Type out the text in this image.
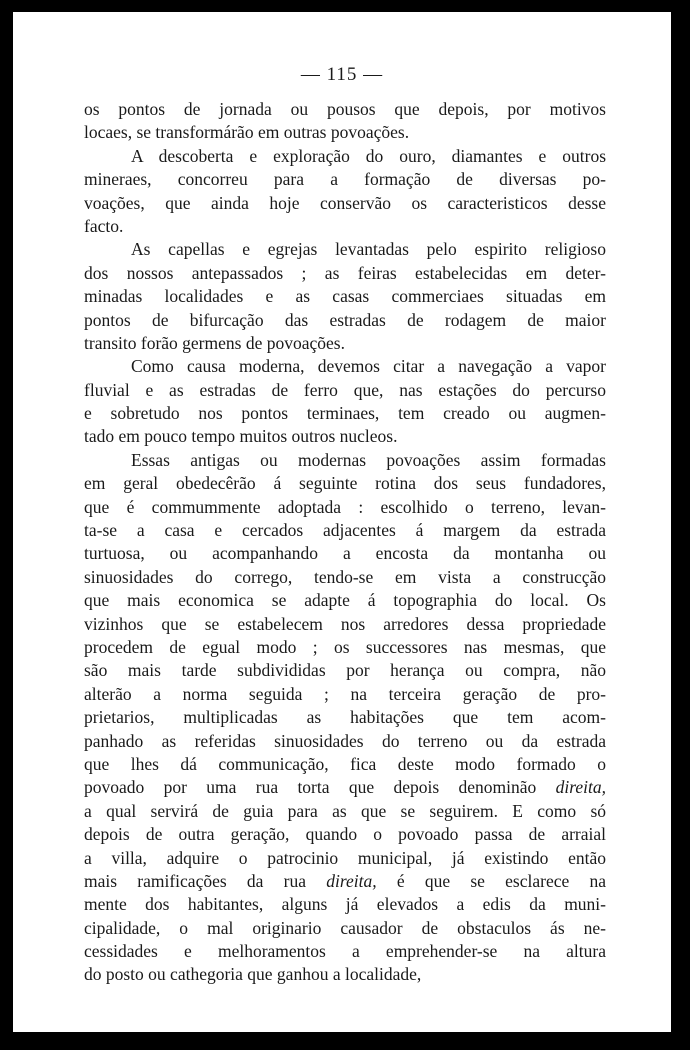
— 115 —
os pontos de jornada ou pousos que depois, por motivos
locaes, se transformárão em outras povoações.
A descoberta e exploração do ouro, diamantes e outros
mineraes, concorreu para a formação de diversas po-
voações, que ainda hoje conservão os caracteristicos desse
facto.
As capellas e egrejas levantadas pelo espirito religioso
dos nossos antepassados ; as feiras estabelecidas em deter-
minadas localidades e as casas commerciaes situadas em
pontos de bifurcação das estradas de rodagem de maior
transito forão germens de povoações.
Como causa moderna, devemos citar a navegação a vapor
fluvial e as estradas de ferro que, nas estações do percurso
e sobretudo nos pontos terminaes, tem creado ou augmen-
tado em pouco tempo muitos outros nucleos.
Essas antigas ou modernas povoações assim formadas
em geral obedecêrão á seguinte rotina dos seus fundadores,
que é commummente adoptada : escolhido o terreno, levan-
ta-se a casa e cercados adjacentes á margem da estrada
turtuosa, ou acompanhando a encosta da montanha ou
sinuosidades do corrego, tendo-se em vista a construcção
que mais economica se adapte á topographia do local. Os
vizinhos que se estabelecem nos arredores dessa propriedade
procedem de egual modo ; os successores nas mesmas, que
são mais tarde subdivididas por herança ou compra, não
alterão a norma seguida ; na terceira geração de pro-
prietarios, multiplicadas as habitações que tem acom-
panhado as referidas sinuosidades do terreno ou da estrada
que lhes dá communicação, fica deste modo formado o
povoado por uma rua torta que depois denominão direita,
a qual servirá de guia para as que se seguirem. E como só
depois de outra geração, quando o povoado passa de arraial
a villa, adquire o patrocinio municipal, já existindo então
mais ramificações da rua direita, é que se esclarece na
mente dos habitantes, alguns já elevados a edis da muni-
cipalidade, o mal originario causador de obstaculos ás ne-
cessidades e melhoramentos a emprehender-se na altura
do posto ou cathegoria que ganhou a localidade,
